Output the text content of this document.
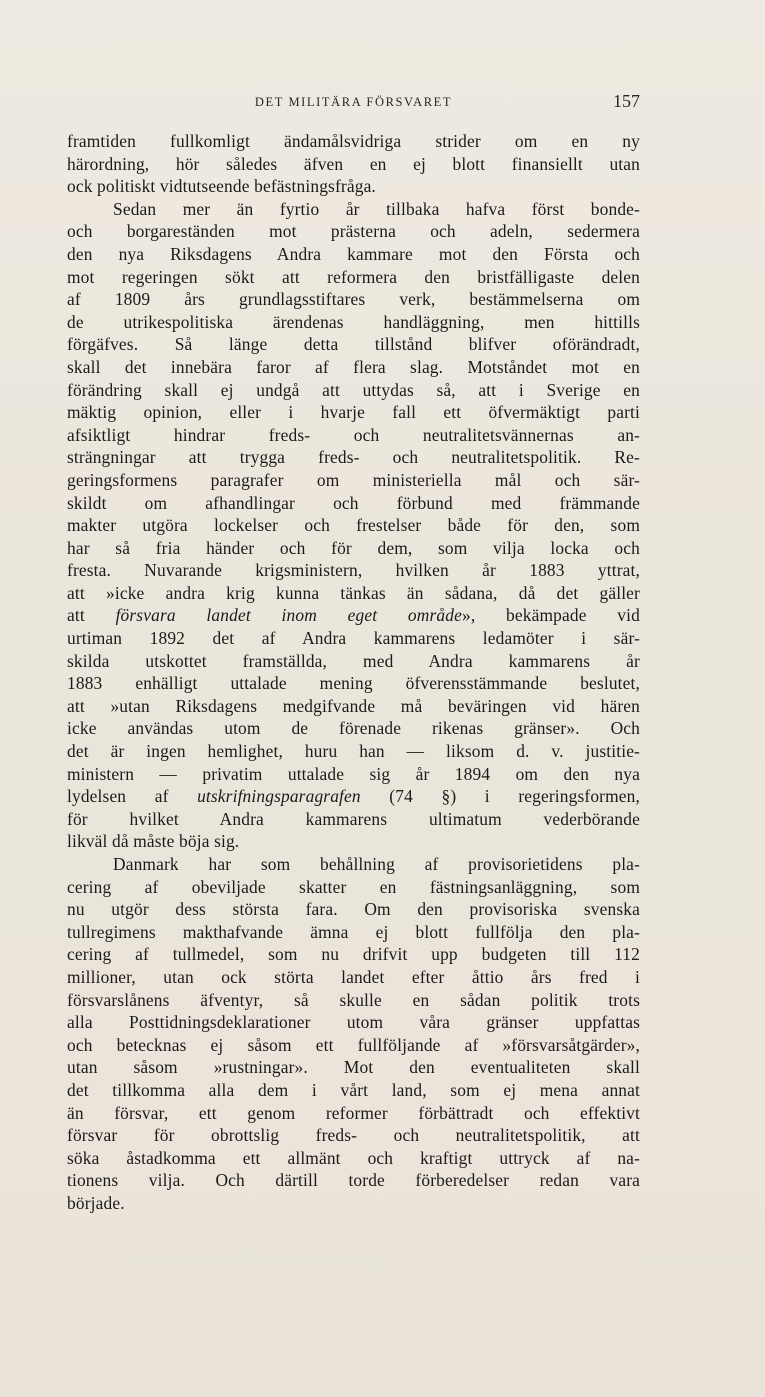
DET MILITÄRA FÖRSVARET	157
framtiden fullkomligt ändamålsvidriga strider om en ny
härordning, hör således äfven en ej blott finansiellt utan
ock politiskt vidtutseende befästningsfråga.
Sedan mer än fyrtio år tillbaka hafva först bonde-
och borgareständen mot prästerna och adeln, sedermera
den nya Riksdagens Andra kammare mot den Första och
mot regeringen sökt att reformera den bristfälligaste delen
af 1809 års grundlagsstiftares verk, bestämmelserna om
de utrikespolitiska ärendenas handläggning, men hittills
förgäfves. Så länge detta tillstånd blifver oförändradt,
skall det innebära faror af flera slag. Motståndet mot en
förändring skall ej undgå att uttydas så, att i Sverige en
mäktig opinion, eller i hvarje fall ett öfvermäktigt parti
afsiktligt hindrar freds- och neutralitetsvännernas an-
strängningar att trygga freds- och neutralitetspolitik. Re-
geringsformens paragrafer om ministeriella mål och sär-
skildt om afhandlingar och förbund med främmande
makter utgöra lockelser och frestelser både för den, som
har så fria händer och för dem, som vilja locka och
fresta. Nuvarande krigsministern, hvilken år 1883 yttrat,
att »icke andra krig kunna tänkas än sådana, då det gäller
att försvara landet inom eget område», bekämpade vid
urtiman 1892 det af Andra kammarens ledamöter i sär-
skilda utskottet framställda, med Andra kammarens år
1883 enhälligt uttalade mening öfverensstämmande beslutet,
att »utan Riksdagens medgifvande må beväringen vid hären
icke användas utom de förenade rikenas gränser». Och
det är ingen hemlighet, huru han — liksom d. v. justitie-
ministern — privatim uttalade sig år 1894 om den nya
lydelsen af utskrifningsparagrafen (74 §) i regeringsformen,
för hvilket Andra kammarens ultimatum vederbörande
likväl då måste böja sig.
Danmark har som behållning af provisorietidens pla-
cering af obeviljade skatter en fästningsanläggning, som
nu utgör dess största fara. Om den provisoriska svenska
tullregimens makthafvande ämna ej blott fullfölja den pla-
cering af tullmedel, som nu drifvit upp budgeten till 112
millioner, utan ock störta landet efter åttio års fred i
försvarslånens äfventyr, så skulle en sådan politik trots
alla Posttidningsdeklarationer utom våra gränser uppfattas
och betecknas ej såsom ett fullföljande af »försvarsåtgärder»,
utan såsom »rustningar». Mot den eventualiteten skall
det tillkomma alla dem i vårt land, som ej mena annat
än försvar, ett genom reformer förbättradt och effektivt
försvar för obrottslig freds- och neutralitetspolitik, att
söka åstadkomma ett allmänt och kraftigt uttryck af na-
tionens vilja. Och därtill torde förberedelser redan vara
började.
